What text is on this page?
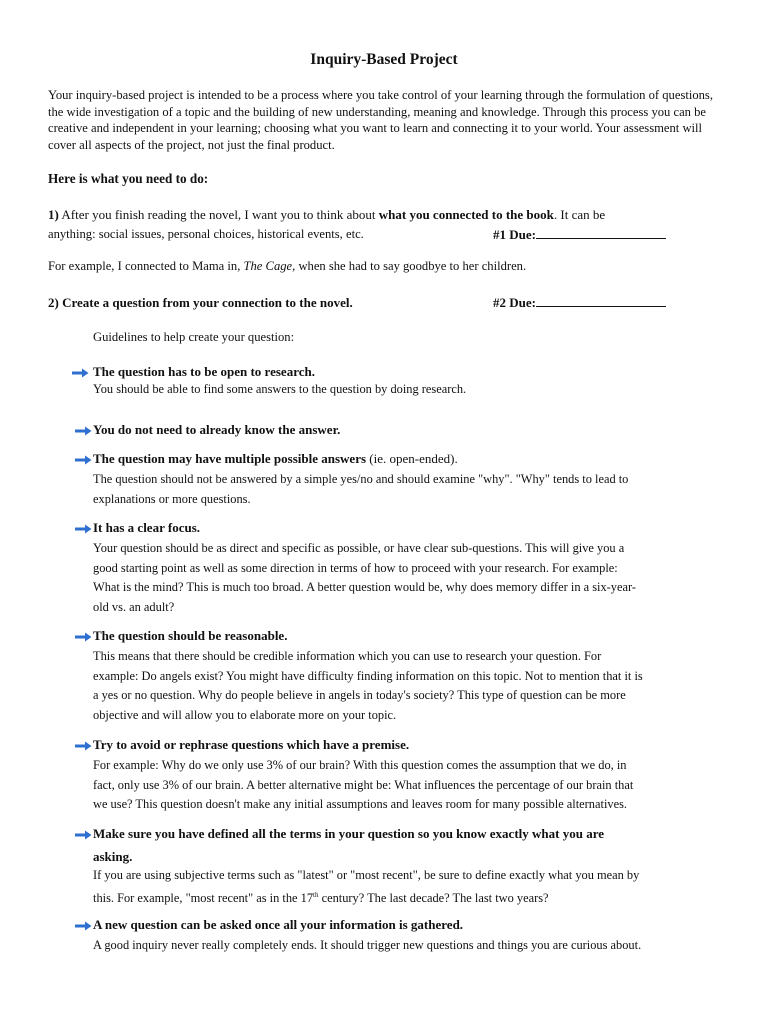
Inquiry-Based Project
Your inquiry-based project is intended to be a process where you take control of your learning through the formulation of questions, the wide investigation of a topic and the building of new understanding, meaning and knowledge. Through this process you can be creative and independent in your learning; choosing what you want to learn and connecting it to your world. Your assessment will cover all aspects of the project, not just the final product.
Here is what you need to do:
1) After you finish reading the novel, I want you to think about what you connected to the book. It can be
anything: social issues, personal choices, historical events, etc.	#1 Due:
For example, I connected to Mama in, The Cage, when she had to say goodbye to her children.
2) Create a question from your connection to the novel.	#2 Due:
Guidelines to help create your question:
The question has to be open to research.
You should be able to find some answers to the question by doing research.
You do not need to already know the answer.
The question may have multiple possible answers (ie. open-ended).
The question should not be answered by a simple yes/no and should examine "why". "Why" tends to lead to
explanations or more questions.
It has a clear focus.
Your question should be as direct and specific as possible, or have clear sub-questions. This will give you a
good starting point as well as some direction in terms of how to proceed with your research. For example:
What is the mind? This is much too broad. A better question would be, why does memory differ in a six-year-
old vs. an adult?
The question should be reasonable.
This means that there should be credible information which you can use to research your question. For
example: Do angels exist? You might have difficulty finding information on this topic. Not to mention that it is
a yes or no question. Why do people believe in angels in today's society? This type of question can be more
objective and will allow you to elaborate more on your topic.
Try to avoid or rephrase questions which have a premise.
For example: Why do we only use 3% of our brain? With this question comes the assumption that we do, in
fact, only use 3% of our brain. A better alternative might be: What influences the percentage of our brain that
we use? This question doesn't make any initial assumptions and leaves room for many possible alternatives.
Make sure you have defined all the terms in your question so you know exactly what you are
asking.
If you are using subjective terms such as "latest" or "most recent", be sure to define exactly what you mean by
this. For example, "most recent" as in the 17th century? The last decade? The last two years?
A new question can be asked once all your information is gathered.
A good inquiry never really completely ends. It should trigger new questions and things you are curious about.
